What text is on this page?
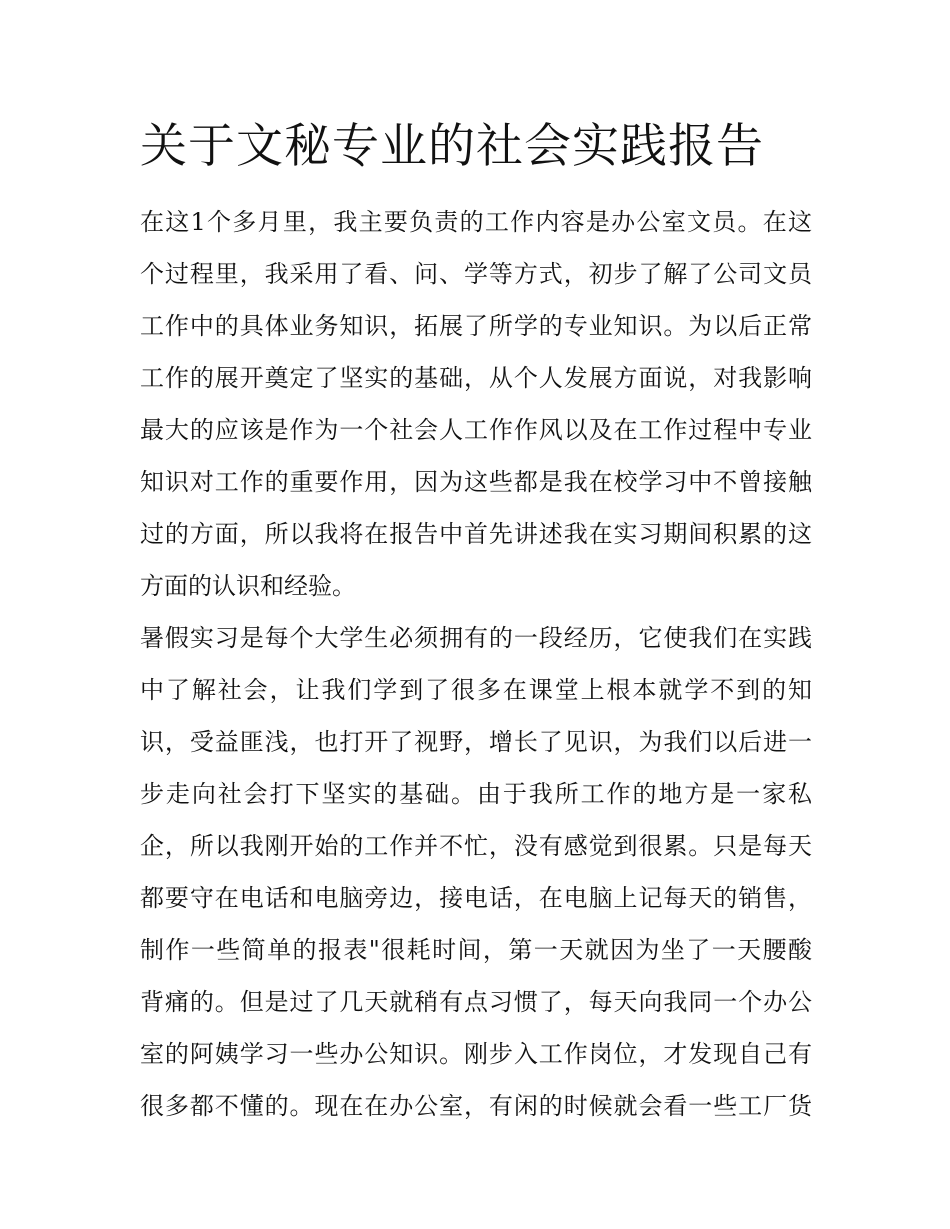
关于文秘专业的社会实践报告
在这1个多月里，我主要负责的工作内容是办公室文员。在这
个过程里，我采用了看、问、学等方式，初步了解了公司文员
工作中的具体业务知识，拓展了所学的专业知识。为以后正常
工作的展开奠定了坚实的基础，从个人发展方面说，对我影响
最大的应该是作为一个社会人工作作风以及在工作过程中专业
知识对工作的重要作用，因为这些都是我在校学习中不曾接触
过的方面，所以我将在报告中首先讲述我在实习期间积累的这
方面的认识和经验。
暑假实习是每个大学生必须拥有的一段经历，它使我们在实践
中了解社会，让我们学到了很多在课堂上根本就学不到的知
识，受益匪浅，也打开了视野，增长了见识，为我们以后进一
步走向社会打下坚实的基础。由于我所工作的地方是一家私
企，所以我刚开始的工作并不忙，没有感觉到很累。只是每天
都要守在电话和电脑旁边，接电话，在电脑上记每天的销售，
制作一些简单的报表"很耗时间，第一天就因为坐了一天腰酸
背痛的。但是过了几天就稍有点习惯了，每天向我同一个办公
室的阿姨学习一些办公知识。刚步入工作岗位，才发现自己有
很多都不懂的。现在在办公室，有闲的时候就会看一些工厂货
